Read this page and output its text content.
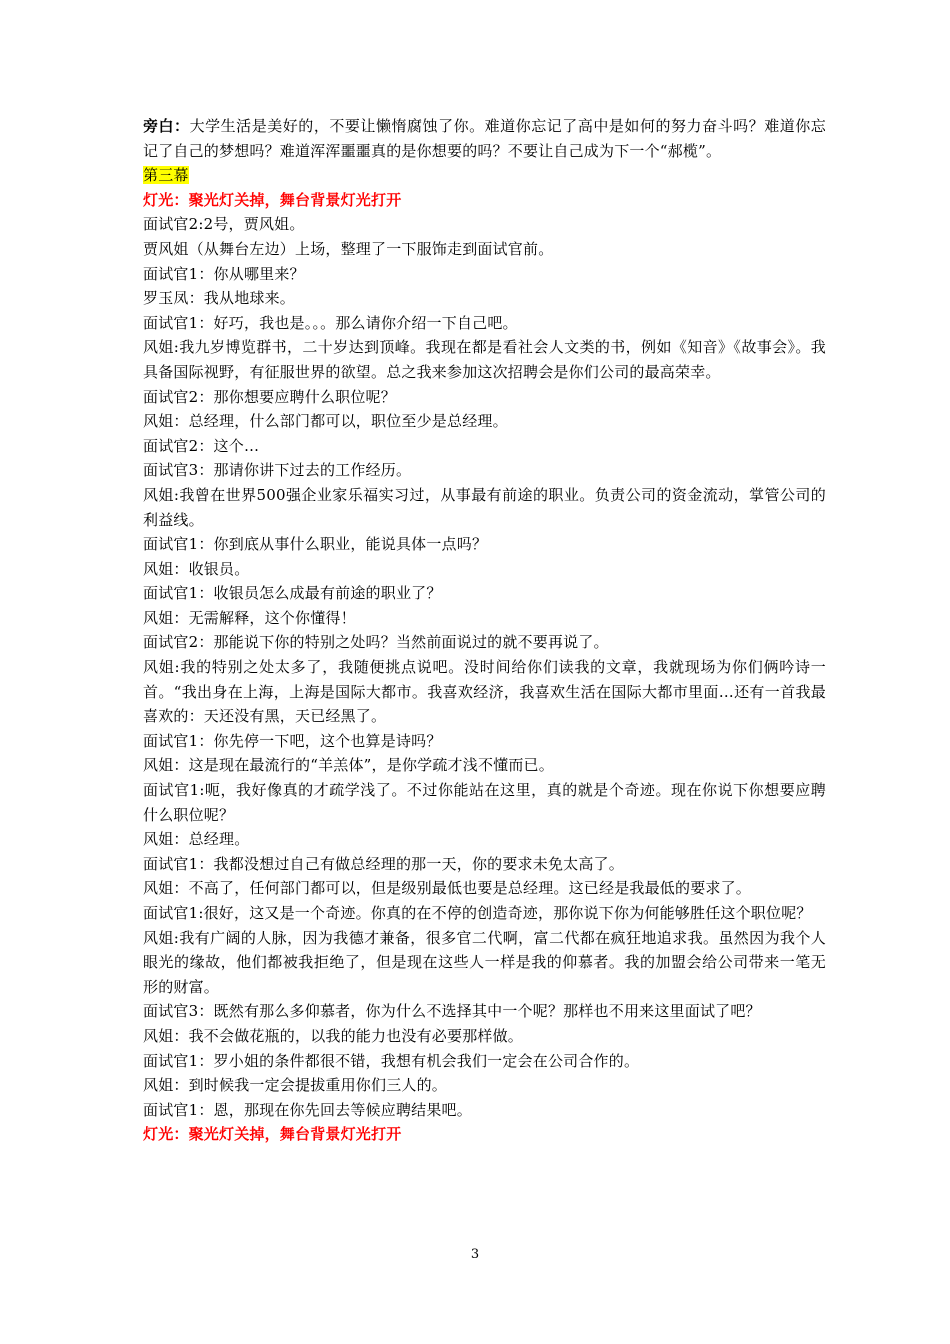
旁白：大学生活是美好的，不要让懒惰腐蚀了你。难道你忘记了高中是如何的努力奋斗吗？难道你忘记了自己的梦想吗？难道浑浑噩噩真的是你想要的吗？不要让自己成为下一个“郝榄”。

第三幕

灯光：聚光灯关掉，舞台背景灯光打开

面试官2:2号，贾风姐。

贾风姐（从舞台左边）上场，整理了一下服饰走到面试官前。

面试官1：你从哪里来？

罗玉凤：我从地球来。

面试官1：好巧，我也是。。。那么请你介绍一下自己吧。

风姐:我九岁博览群书，二十岁达到顶峰。我现在都是看社会人文类的书，例如《知音》《故事会》。我具备国际视野，有征服世界的欲望。总之我来参加这次招聘会是你们公司的最高荣幸。

面试官2：那你想要应聘什么职位呢？

风姐：总经理，什么部门都可以，职位至少是总经理。

面试官2：这个…

面试官3：那请你讲下过去的工作经历。

风姐:我曾在世界500强企业家乐福实习过，从事最有前途的职业。负责公司的资金流动，掌管公司的利益线。

面试官1：你到底从事什么职业，能说具体一点吗？

风姐：收银员。

面试官1：收银员怎么成最有前途的职业了？

风姐：无需解释，这个你懂得！

面试官2：那能说下你的特别之处吗？当然前面说过的就不要再说了。

风姐:我的特别之处太多了，我随便挑点说吧。没时间给你们读我的文章，我就现场为你们俩吟诗一首。“我出身在上海，上海是国际大都市。我喜欢经济，我喜欢生活在国际大都市里面…还有一首我最喜欢的：天还没有黑，天已经黑了。

面试官1：你先停一下吧，这个也算是诗吗？

风姐：这是现在最流行的“羊羔体”，是你学疏才浅不懂而已。

面试官1:呃，我好像真的才疏学浅了。不过你能站在这里，真的就是个奇迹。现在你说下你想要应聘什么职位呢？

风姐：总经理。

面试官1：我都没想过自己有做总经理的那一天，你的要求未免太高了。

风姐：不高了，任何部门都可以，但是级别最低也要是总经理。这已经是我最低的要求了。

面试官1:很好，这又是一个奇迹。你真的在不停的创造奇迹，那你说下你为何能够胜任这个职位呢？

风姐:我有广阔的人脉，因为我德才兼备，很多官二代啊，富二代都在疯狂地追求我。虽然因为我个人眼光的缘故，他们都被我拒绝了，但是现在这些人一样是我的仰慕者。我的加盟会给公司带来一笔无形的财富。

面试官3：既然有那么多仰慕者，你为什么不选择其中一个呢？那样也不用来这里面试了吧？

风姐：我不会做花瓶的，以我的能力也没有必要那样做。

面试官1：罗小姐的条件都很不错，我想有机会我们一定会在公司合作的。

风姐：到时候我一定会提拔重用你们三人的。

面试官1：恩，那现在你先回去等候应聘结果吧。

灯光：聚光灯关掉，舞台背景灯光打开

3
